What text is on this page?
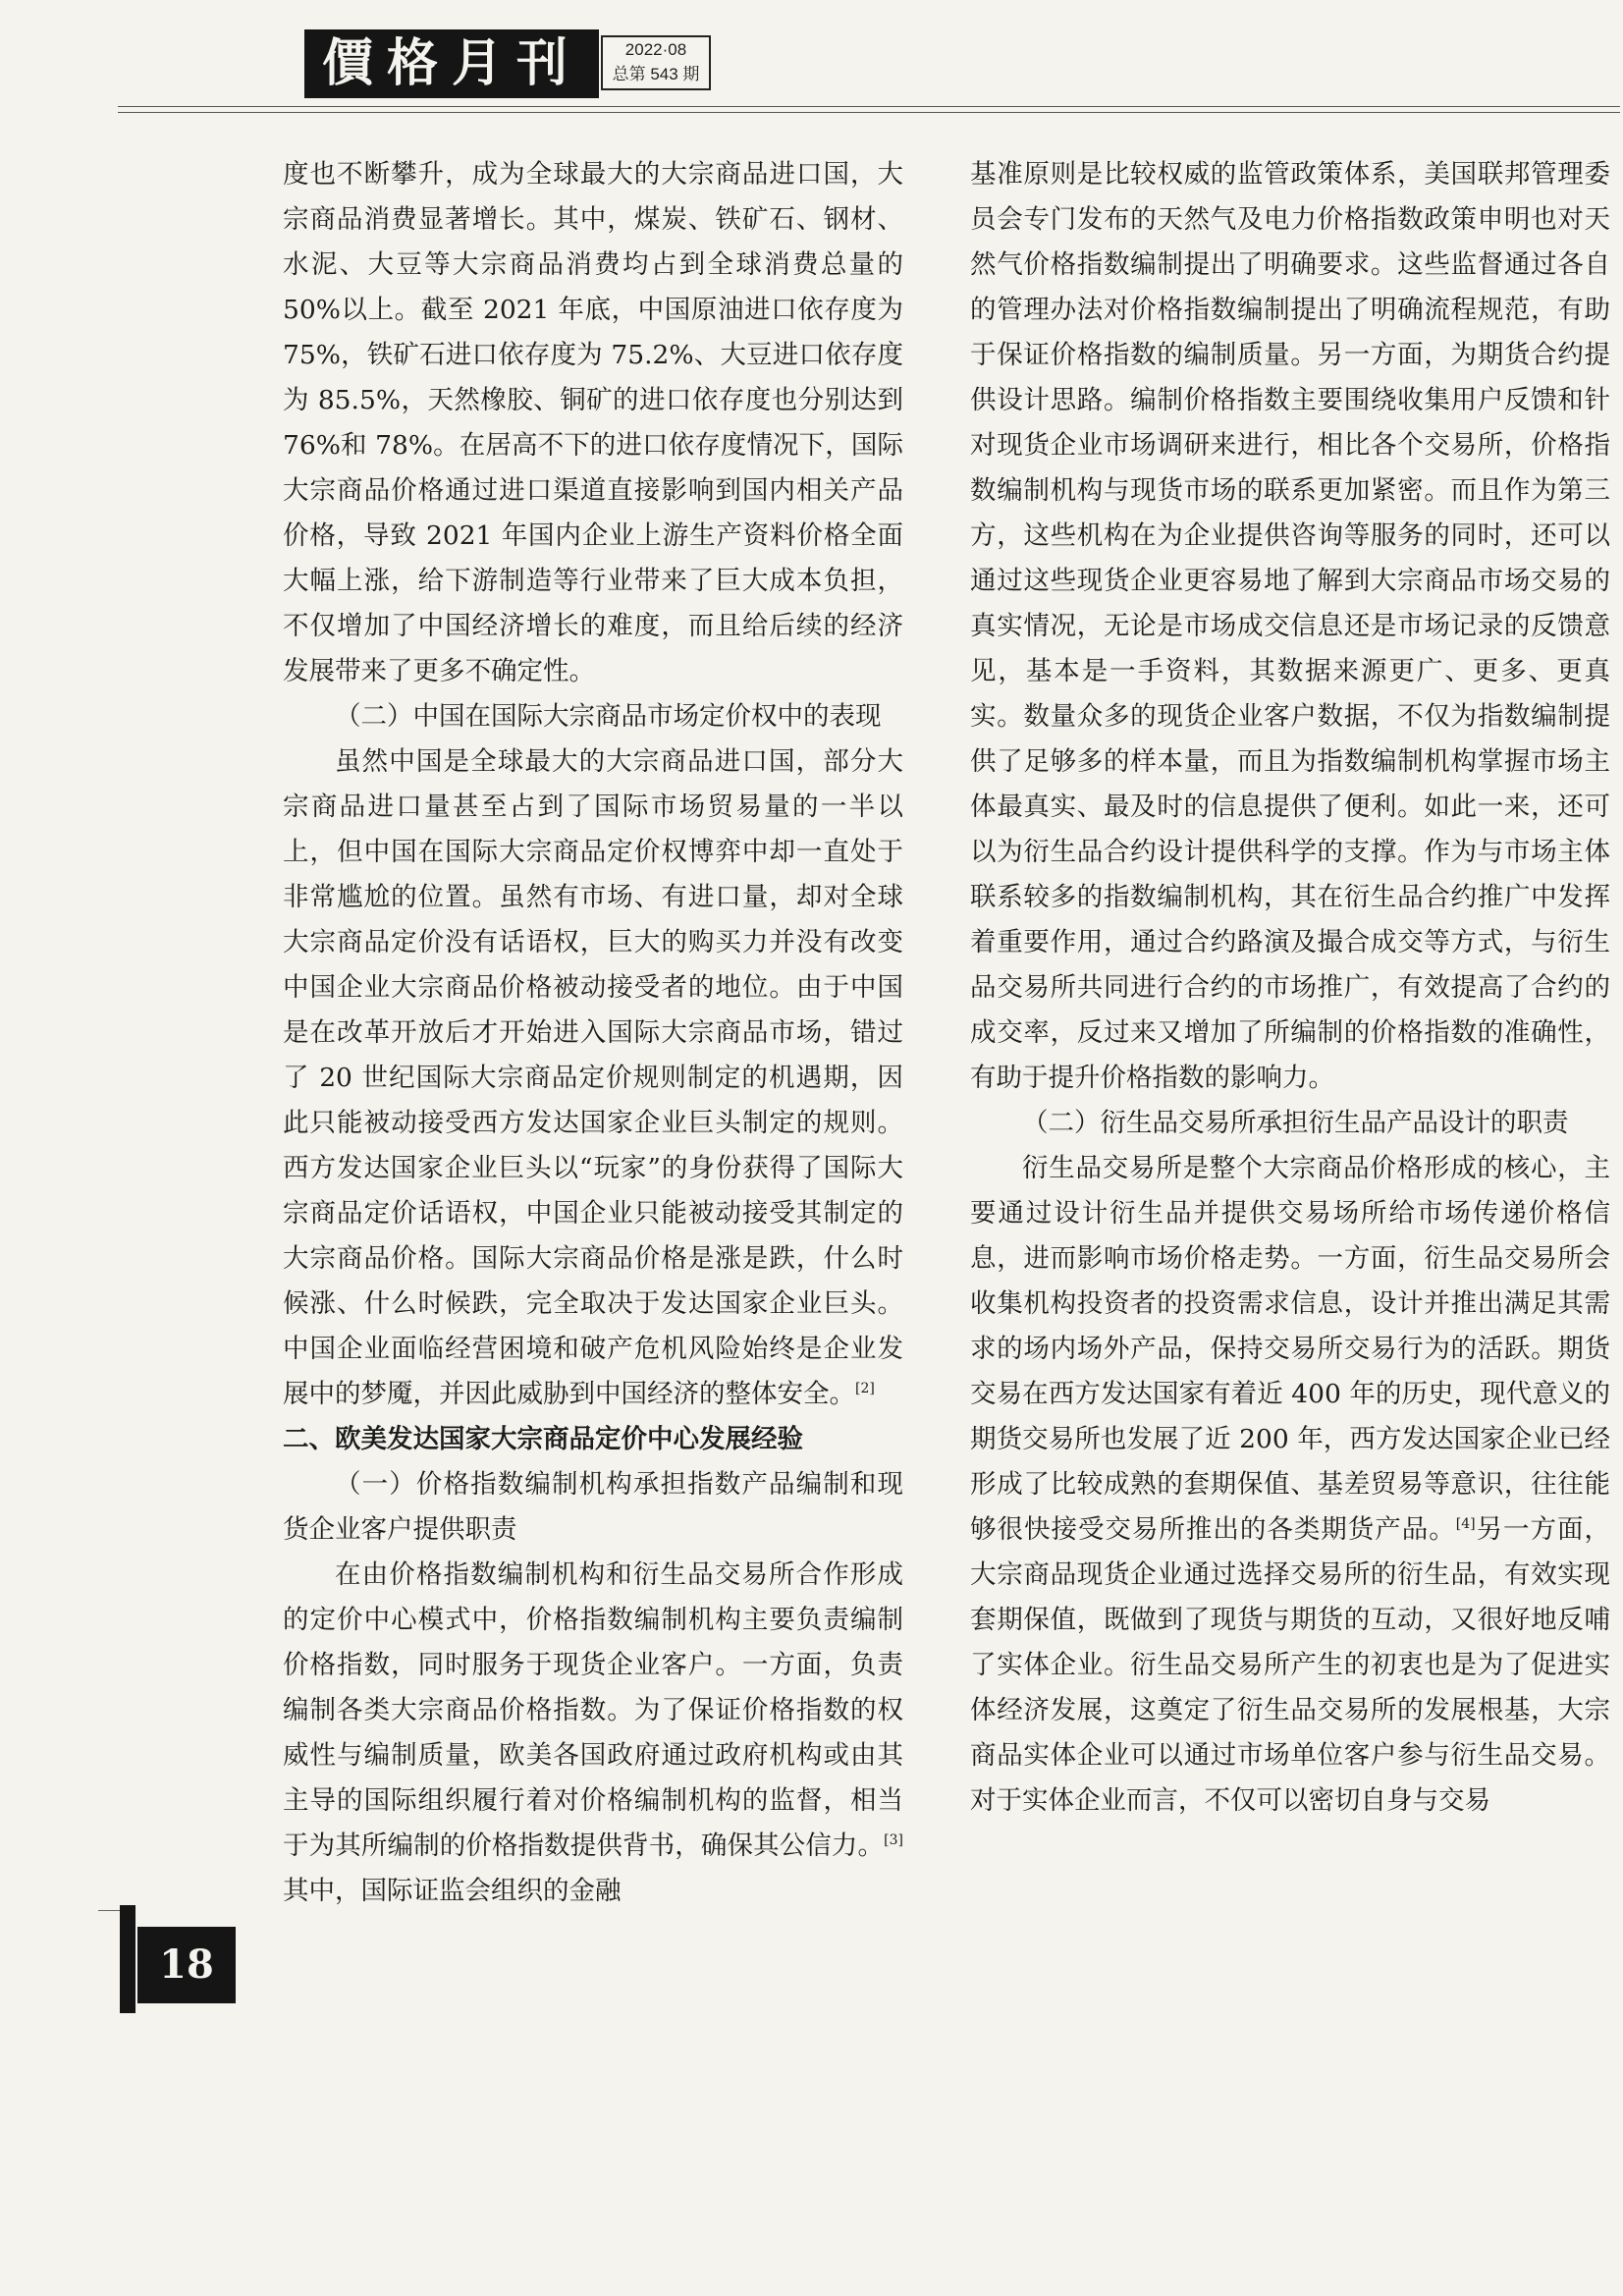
價格月刊	2022·08
总第 543 期

度也不断攀升，成为全球最大的大宗商品进口国，大宗商品消费显著增长。其中，煤炭、铁矿石、钢材、水泥、大豆等大宗商品消费均占到全球消费总量的 50%以上。截至 2021 年底，中国原油进口依存度为 75%，铁矿石进口依存度为 75.2%、大豆进口依存度为 85.5%，天然橡胶、铜矿的进口依存度也分别达到 76%和 78%。在居高不下的进口依存度情况下，国际大宗商品价格通过进口渠道直接影响到国内相关产品价格，导致 2021 年国内企业上游生产资料价格全面大幅上涨，给下游制造等行业带来了巨大成本负担，不仅增加了中国经济增长的难度，而且给后续的经济发展带来了更多不确定性。

（二）中国在国际大宗商品市场定价权中的表现

虽然中国是全球最大的大宗商品进口国，部分大宗商品进口量甚至占到了国际市场贸易量的一半以上，但中国在国际大宗商品定价权博弈中却一直处于非常尴尬的位置。虽然有市场、有进口量，却对全球大宗商品定价没有话语权，巨大的购买力并没有改变中国企业大宗商品价格被动接受者的地位。由于中国是在改革开放后才开始进入国际大宗商品市场，错过了 20 世纪国际大宗商品定价规则制定的机遇期，因此只能被动接受西方发达国家企业巨头制定的规则。西方发达国家企业巨头以“玩家”的身份获得了国际大宗商品定价话语权，中国企业只能被动接受其制定的大宗商品价格。国际大宗商品价格是涨是跌，什么时候涨、什么时候跌，完全取决于发达国家企业巨头。中国企业面临经营困境和破产危机风险始终是企业发展中的梦魇，并因此威胁到中国经济的整体安全。[2]

二、欧美发达国家大宗商品定价中心发展经验
（一）价格指数编制机构承担指数产品编制和现货企业客户提供职责

在由价格指数编制机构和衍生品交易所合作形成的定价中心模式中，价格指数编制机构主要负责编制价格指数，同时服务于现货企业客户。一方面，负责编制各类大宗商品价格指数。为了保证价格指数的权威性与编制质量，欧美各国政府通过政府机构或由其主导的国际组织履行着对价格编制机构的监督，相当于为其所编制的价格指数提供背书，确保其公信力。[3]其中，国际证监会组织的金融

基准原则是比较权威的监管政策体系，美国联邦管理委员会专门发布的天然气及电力价格指数政策申明也对天然气价格指数编制提出了明确要求。这些监督通过各自的管理办法对价格指数编制提出了明确流程规范，有助于保证价格指数的编制质量。另一方面，为期货合约提供设计思路。编制价格指数主要围绕收集用户反馈和针对现货企业市场调研来进行，相比各个交易所，价格指数编制机构与现货市场的联系更加紧密。而且作为第三方，这些机构在为企业提供咨询等服务的同时，还可以通过这些现货企业更容易地了解到大宗商品市场交易的真实情况，无论是市场成交信息还是市场记录的反馈意见，基本是一手资料，其数据来源更广、更多、更真实。数量众多的现货企业客户数据，不仅为指数编制提供了足够多的样本量，而且为指数编制机构掌握市场主体最真实、最及时的信息提供了便利。如此一来，还可以为衍生品合约设计提供科学的支撑。作为与市场主体联系较多的指数编制机构，其在衍生品合约推广中发挥着重要作用，通过合约路演及撮合成交等方式，与衍生品交易所共同进行合约的市场推广，有效提高了合约的成交率，反过来又增加了所编制的价格指数的准确性，有助于提升价格指数的影响力。

（二）衍生品交易所承担衍生品产品设计的职责

衍生品交易所是整个大宗商品价格形成的核心，主要通过设计衍生品并提供交易场所给市场传递价格信息，进而影响市场价格走势。一方面，衍生品交易所会收集机构投资者的投资需求信息，设计并推出满足其需求的场内场外产品，保持交易所交易行为的活跃。期货交易在西方发达国家有着近 400 年的历史，现代意义的期货交易所也发展了近 200 年，西方发达国家企业已经形成了比较成熟的套期保值、基差贸易等意识，往往能够很快接受交易所推出的各类期货产品。[4]另一方面，大宗商品现货企业通过选择交易所的衍生品，有效实现套期保值，既做到了现货与期货的互动，又很好地反哺了实体企业。衍生品交易所产生的初衷也是为了促进实体经济发展，这奠定了衍生品交易所的发展根基，大宗商品实体企业可以通过市场单位客户参与衍生品交易。对于实体企业而言，不仅可以密切自身与交易

18
